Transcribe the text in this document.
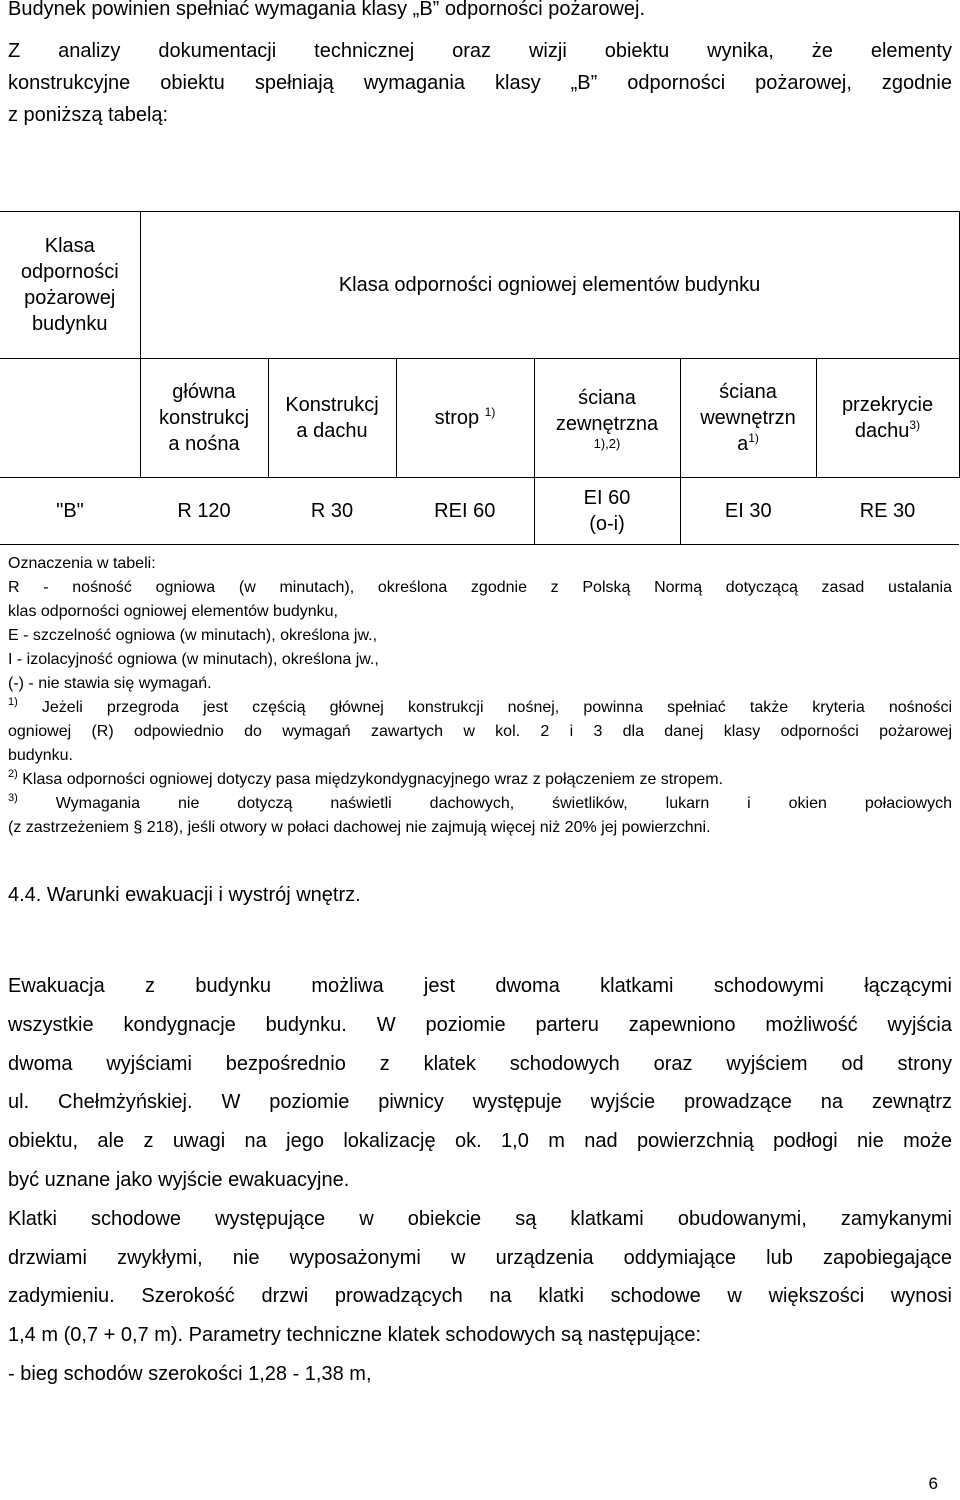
Budynek powinien spełniać wymagania klasy „B” odporności pożarowej.

Z analizy dokumentacji technicznej oraz wizji obiektu wynika, że elementy

konstrukcyjne obiektu spełniają wymagania klasy „B” odporności pożarowej, zgodnie

z poniższą tabelą:

Klasa
odporności
pożarowej
budynku	Klasa odporności ogniowej elementów budynku					
	główna
konstrukcj
a nośna	Konstrukcj
a dachu	strop $^{1)}$	ściana
zewnętrzna
1),2)	ściana
wewnętrzn
$a^{1)}$	przekrycie
dachu$^{3)}$
"B"	R 120	R 30	REI 60	EI 60
(o-i)	EI 30	RE 30

Oznaczenia w tabeli:

R - nośność ogniowa (w minutach), określona zgodnie z Polską Normą dotyczącą zasad ustalania

klas odporności ogniowej elementów budynku,

E - szczelność ogniowa (w minutach), określona jw.,

I - izolacyjność ogniowa (w minutach), określona jw.,

(-) - nie stawia się wymagań.

$^{1)}$ Jeżeli przegroda jest częścią głównej konstrukcji nośnej, powinna spełniać także kryteria nośności

ogniowej (R) odpowiednio do wymagań zawartych w kol. 2 i 3 dla danej klasy odporności pożarowej

budynku.

$^{2)}$ Klasa odporności ogniowej dotyczy pasa międzykondygnacyjnego wraz z połączeniem ze stropem.

$^{3)}$ Wymagania nie dotyczą naświetli dachowych, świetlików, lukarn i okien połaciowych

(z zastrzeżeniem § 218), jeśli otwory w połaci dachowej nie zajmują więcej niż 20% jej powierzchni.

4.4. Warunki ewakuacji i wystrój wnętrz.

Ewakuacja z budynku możliwa jest dwoma klatkami schodowymi łączącymi

wszystkie kondygnacje budynku. W poziomie parteru zapewniono możliwość wyjścia

dwoma wyjściami bezpośrednio z klatek schodowych oraz wyjściem od strony

ul. Chełmżyńskiej. W poziomie piwnicy występuje wyjście prowadzące na zewnątrz

obiektu, ale z uwagi na jego lokalizację ok. 1,0 m nad powierzchnią podłogi nie może

być uznane jako wyjście ewakuacyjne.

Klatki schodowe występujące w obiekcie są klatkami obudowanymi, zamykanymi

drzwiami zwykłymi, nie wyposażonymi w urządzenia oddymiające lub zapobiegające

zadymieniu. Szerokość drzwi prowadzących na klatki schodowe w większości wynosi

1,4 m (0,7 + 0,7 m). Parametry techniczne klatek schodowych są następujące:

- bieg schodów szerokości 1,28 - 1,38 m,

6
